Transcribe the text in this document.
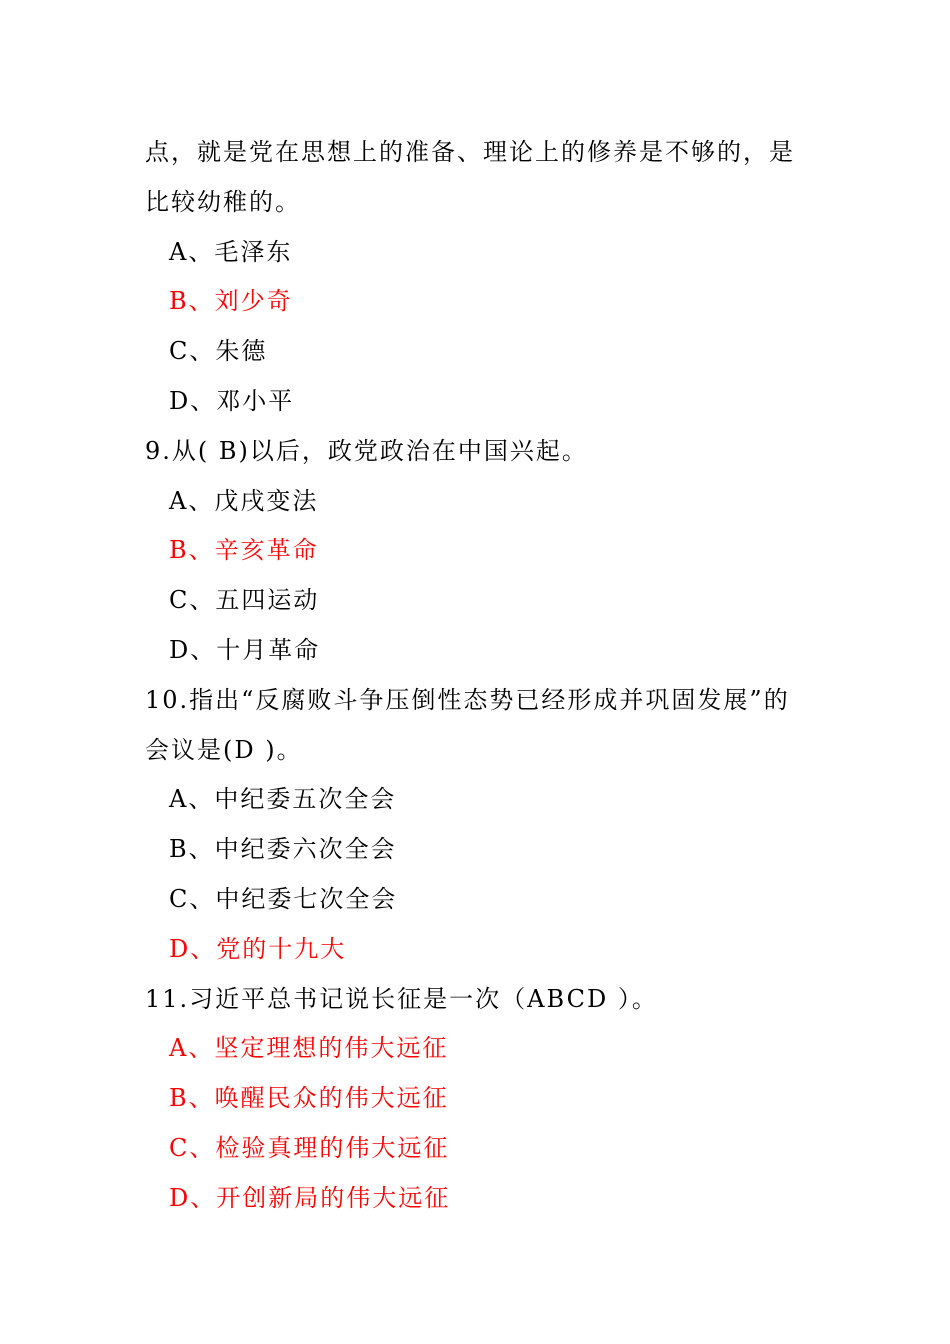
点，就是党在思想上的准备、理论上的修养是不够的，是
比较幼稚的。
A、毛泽东
B、刘少奇
C、朱德
D、邓小平
9.从( B)以后，政党政治在中国兴起。
A、戊戌变法
B、辛亥革命
C、五四运动
D、十月革命
10.指出“反腐败斗争压倒性态势已经形成并巩固发展”的
会议是(D )。
A、中纪委五次全会
B、中纪委六次全会
C、中纪委七次全会
D、党的十九大
11.习近平总书记说长征是一次（ABCD ）。
A、坚定理想的伟大远征
B、唤醒民众的伟大远征
C、检验真理的伟大远征
D、开创新局的伟大远征
